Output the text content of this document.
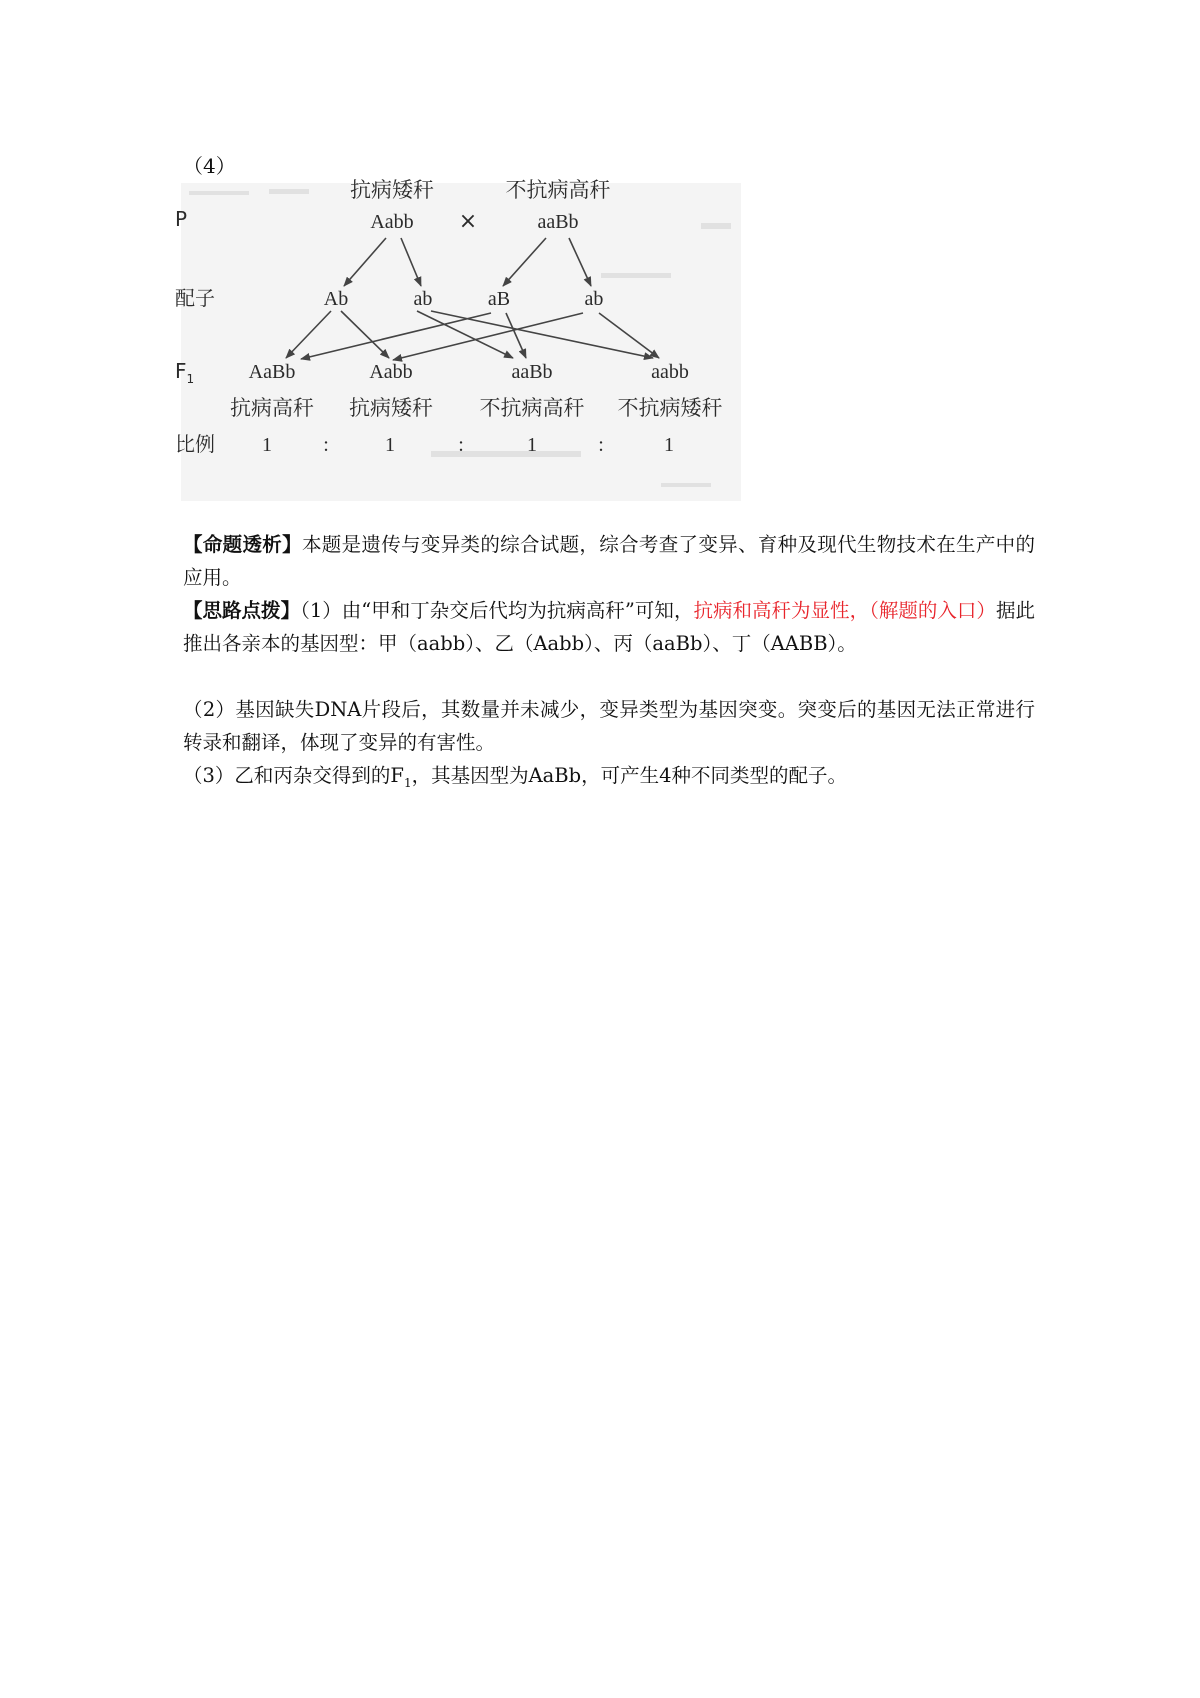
（4）
P
抗病矮秆	不抗病高秆
Aabb ×	aaBb
配子	Ab	ab	aB	ab
$F_1$	AaBb	Aabb	aaBb	aabb
抗病高秆 抗病矮秆 不抗病高秆 不抗病矮秆
比例 1	:	1	:	1	:	1
【命题透析】本题是遗传与变异类的综合试题，综合考查了变异、育种及现代生物技术在生产中的应用。
【思路点拨】（1）由“甲和丁杂交后代均为抗病高秆”可知，抗病和高秆为显性，（解题的入口）据此推出各亲本的基因型：甲（aabb）、乙（Aabb）、丙（aaBb）、丁（AABB）。
（2）基因缺失DNA片段后，其数量并未减少，变异类型为基因突变。突变后的基因无法正常进行转录和翻译，体现了变异的有害性。
（3）乙和丙杂交得到的$F_1$，其基因型为AaBb，可产生4种不同类型的配子。
